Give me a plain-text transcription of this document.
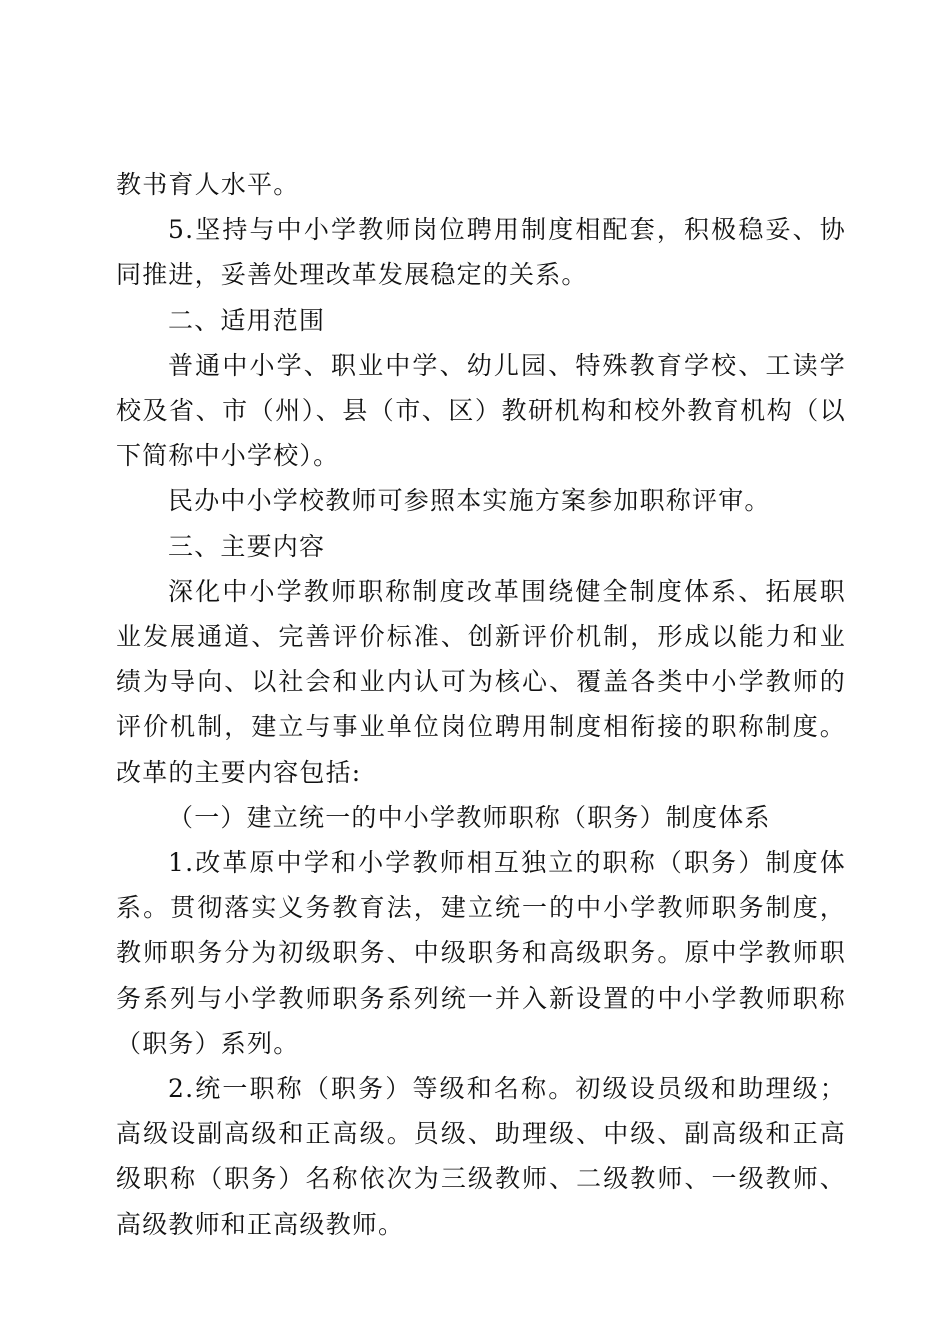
教书育人水平。

5.坚持与中小学教师岗位聘用制度相配套，积极稳妥、协同推进，妥善处理改革发展稳定的关系。

二、适用范围

普通中小学、职业中学、幼儿园、特殊教育学校、工读学校及省、市（州）、县（市、区）教研机构和校外教育机构（以下简称中小学校）。

民办中小学校教师可参照本实施方案参加职称评审。

三、主要内容

深化中小学教师职称制度改革围绕健全制度体系、拓展职业发展通道、完善评价标准、创新评价机制，形成以能力和业绩为导向、以社会和业内认可为核心、覆盖各类中小学教师的评价机制，建立与事业单位岗位聘用制度相衔接的职称制度。改革的主要内容包括:

（一）建立统一的中小学教师职称（职务）制度体系

1.改革原中学和小学教师相互独立的职称（职务）制度体系。贯彻落实义务教育法，建立统一的中小学教师职务制度，教师职务分为初级职务、中级职务和高级职务。原中学教师职务系列与小学教师职务系列统一并入新设置的中小学教师职称（职务）系列。

2.统一职称（职务）等级和名称。初级设员级和助理级；高级设副高级和正高级。员级、助理级、中级、副高级和正高级职称（职务）名称依次为三级教师、二级教师、一级教师、高级教师和正高级教师。
